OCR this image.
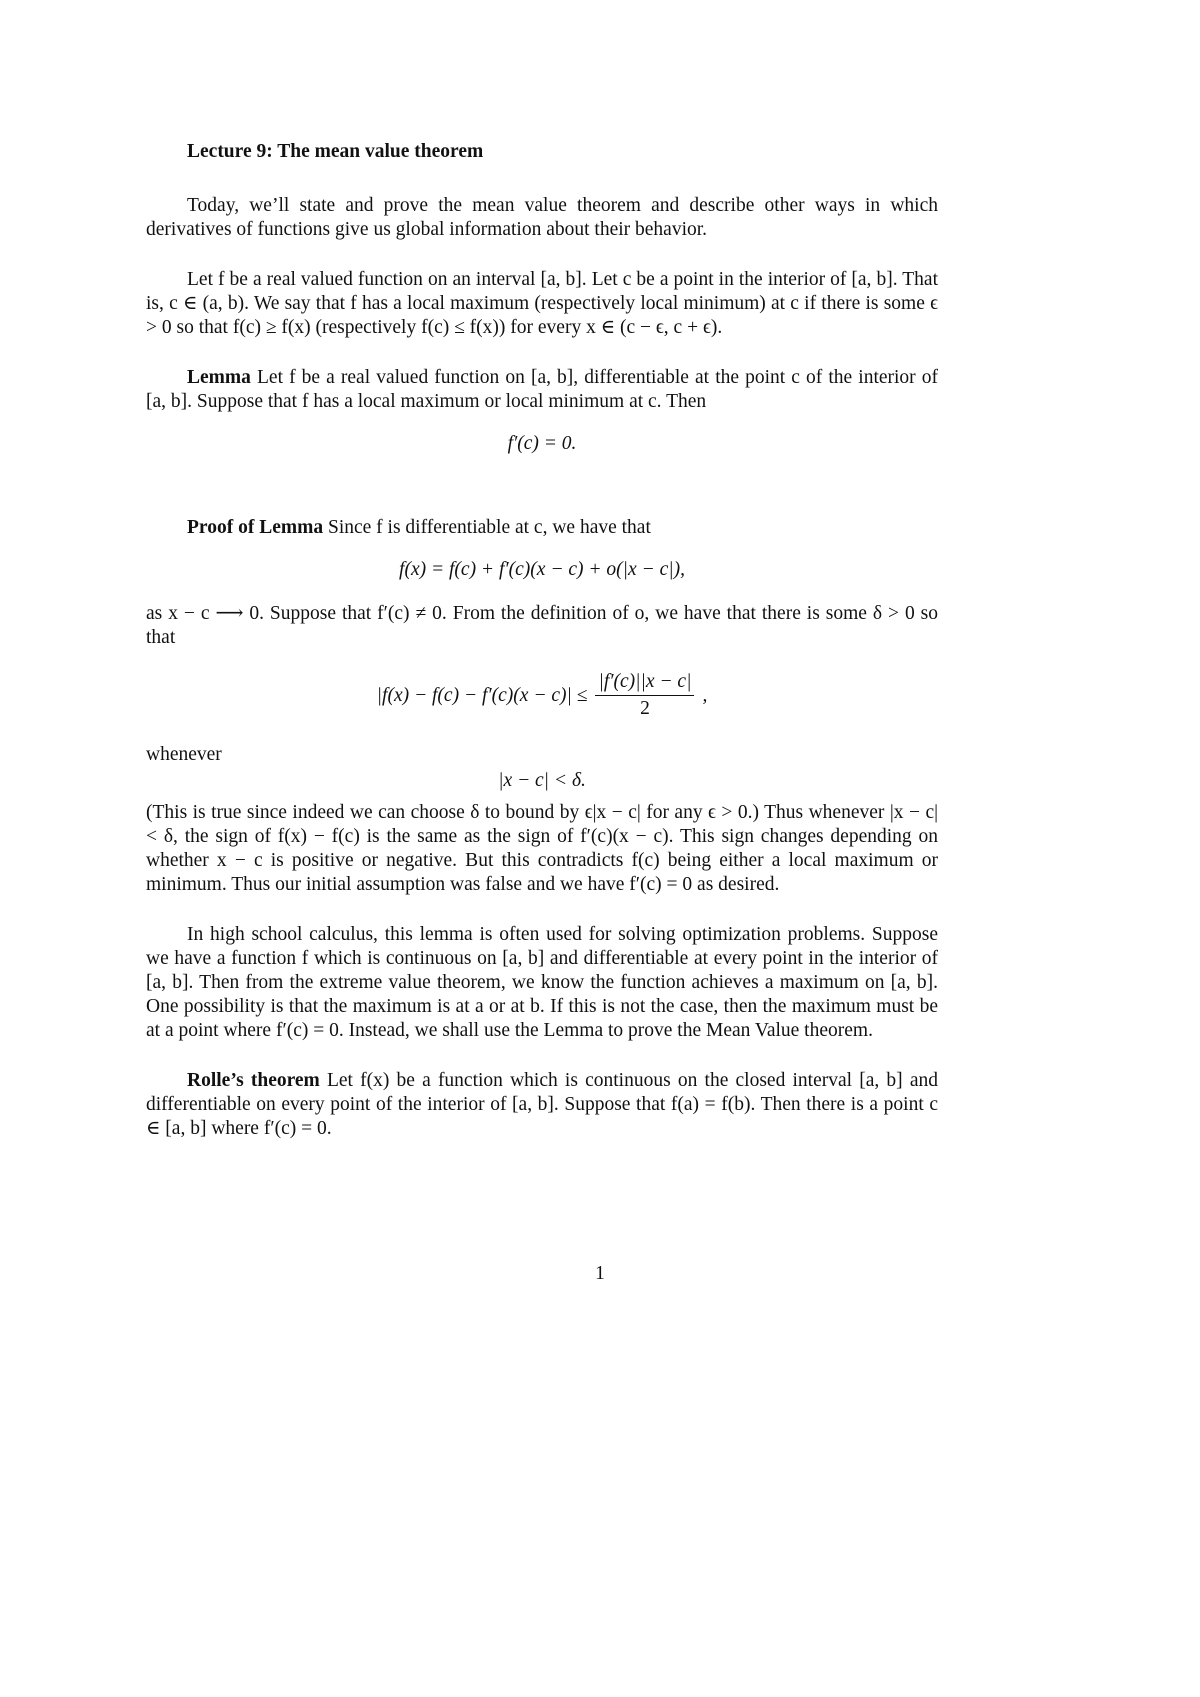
Lecture 9: The mean value theorem

Today, we’ll state and prove the mean value theorem and describe other ways in which derivatives of functions give us global information about their behavior.

Let f be a real valued function on an interval [a, b]. Let c be a point in the interior of [a, b]. That is, c ∈ (a, b). We say that f has a local maximum (respectively local minimum) at c if there is some ϵ > 0 so that f(c) ≥ f(x) (respectively f(c) ≤ f(x)) for every x ∈ (c − ϵ, c + ϵ).

Lemma Let f be a real valued function on [a, b], differentiable at the point c of the interior of [a, b]. Suppose that f has a local maximum or local minimum at c. Then

f′(c) = 0.

Proof of Lemma Since f is differentiable at c, we have that

f(x) = f(c) + f′(c)(x − c) + o(|x − c|),

as x − c ⟶ 0. Suppose that f′(c) ≠ 0. From the definition of o, we have that there is some δ > 0 so that

$|f(x) - f(c) - f'(c)(x - c)| \le \frac{|f'(c)||x - c|}{2}$ ,

whenever

|x − c| < δ.

(This is true since indeed we can choose δ to bound by ϵ|x − c| for any ϵ > 0.) Thus whenever |x − c| < δ, the sign of f(x) − f(c) is the same as the sign of f′(c)(x − c). This sign changes depending on whether x − c is positive or negative. But this contradicts f(c) being either a local maximum or minimum. Thus our initial assumption was false and we have f′(c) = 0 as desired.

In high school calculus, this lemma is often used for solving optimization problems. Suppose we have a function f which is continuous on [a, b] and differentiable at every point in the interior of [a, b]. Then from the extreme value theorem, we know the function achieves a maximum on [a, b]. One possibility is that the maximum is at a or at b. If this is not the case, then the maximum must be at a point where f′(c) = 0. Instead, we shall use the Lemma to prove the Mean Value theorem.

Rolle’s theorem Let f(x) be a function which is continuous on the closed interval [a, b] and differentiable on every point of the interior of [a, b]. Suppose that f(a) = f(b). Then there is a point c ∈ [a, b] where f′(c) = 0.

1
